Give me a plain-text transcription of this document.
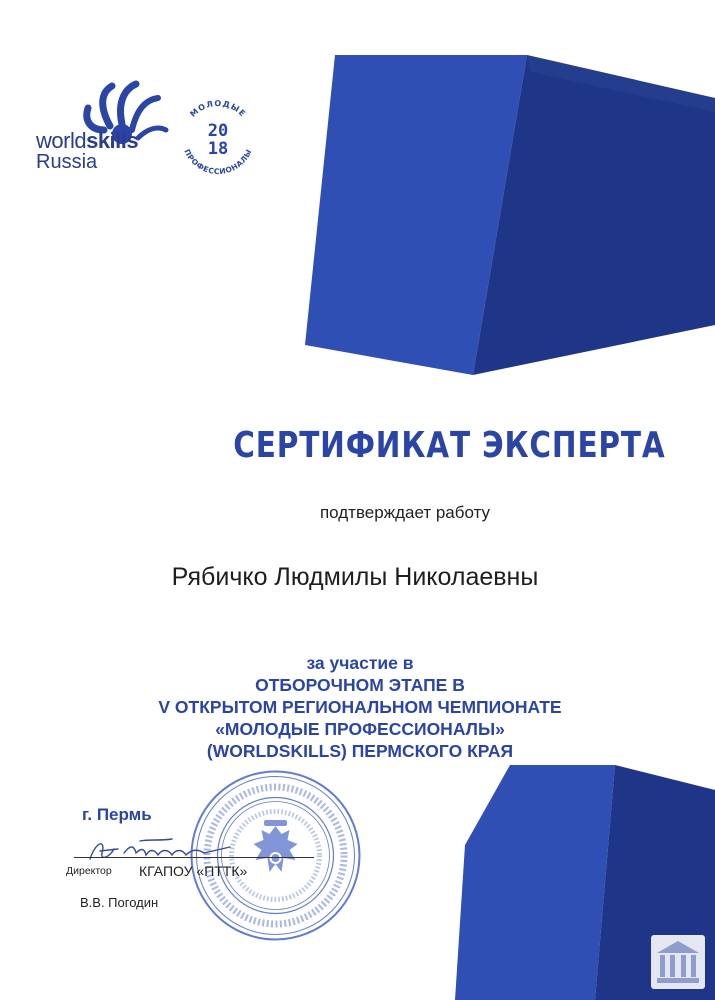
worldskills
Russia
МОЛОДЫЕ
ПРОФЕССИОНАЛЫ
20
18
СЕРТИФИКАТ ЭКСПЕРТА
подтверждает работу
Рябичко Людмилы Николаевны
за участие в
ОТБОРОЧНОМ ЭТАПЕ В
V ОТКРЫТОМ РЕГИОНАЛЬНОМ ЧЕМПИОНАТЕ
«МОЛОДЫЕ ПРОФЕССИОНАЛЫ»
(WORLDSKILLS) ПЕРМСКОГО КРАЯ
г. Пермь
Директор КГАПОУ «ПТТК»
В.В. Погодин
